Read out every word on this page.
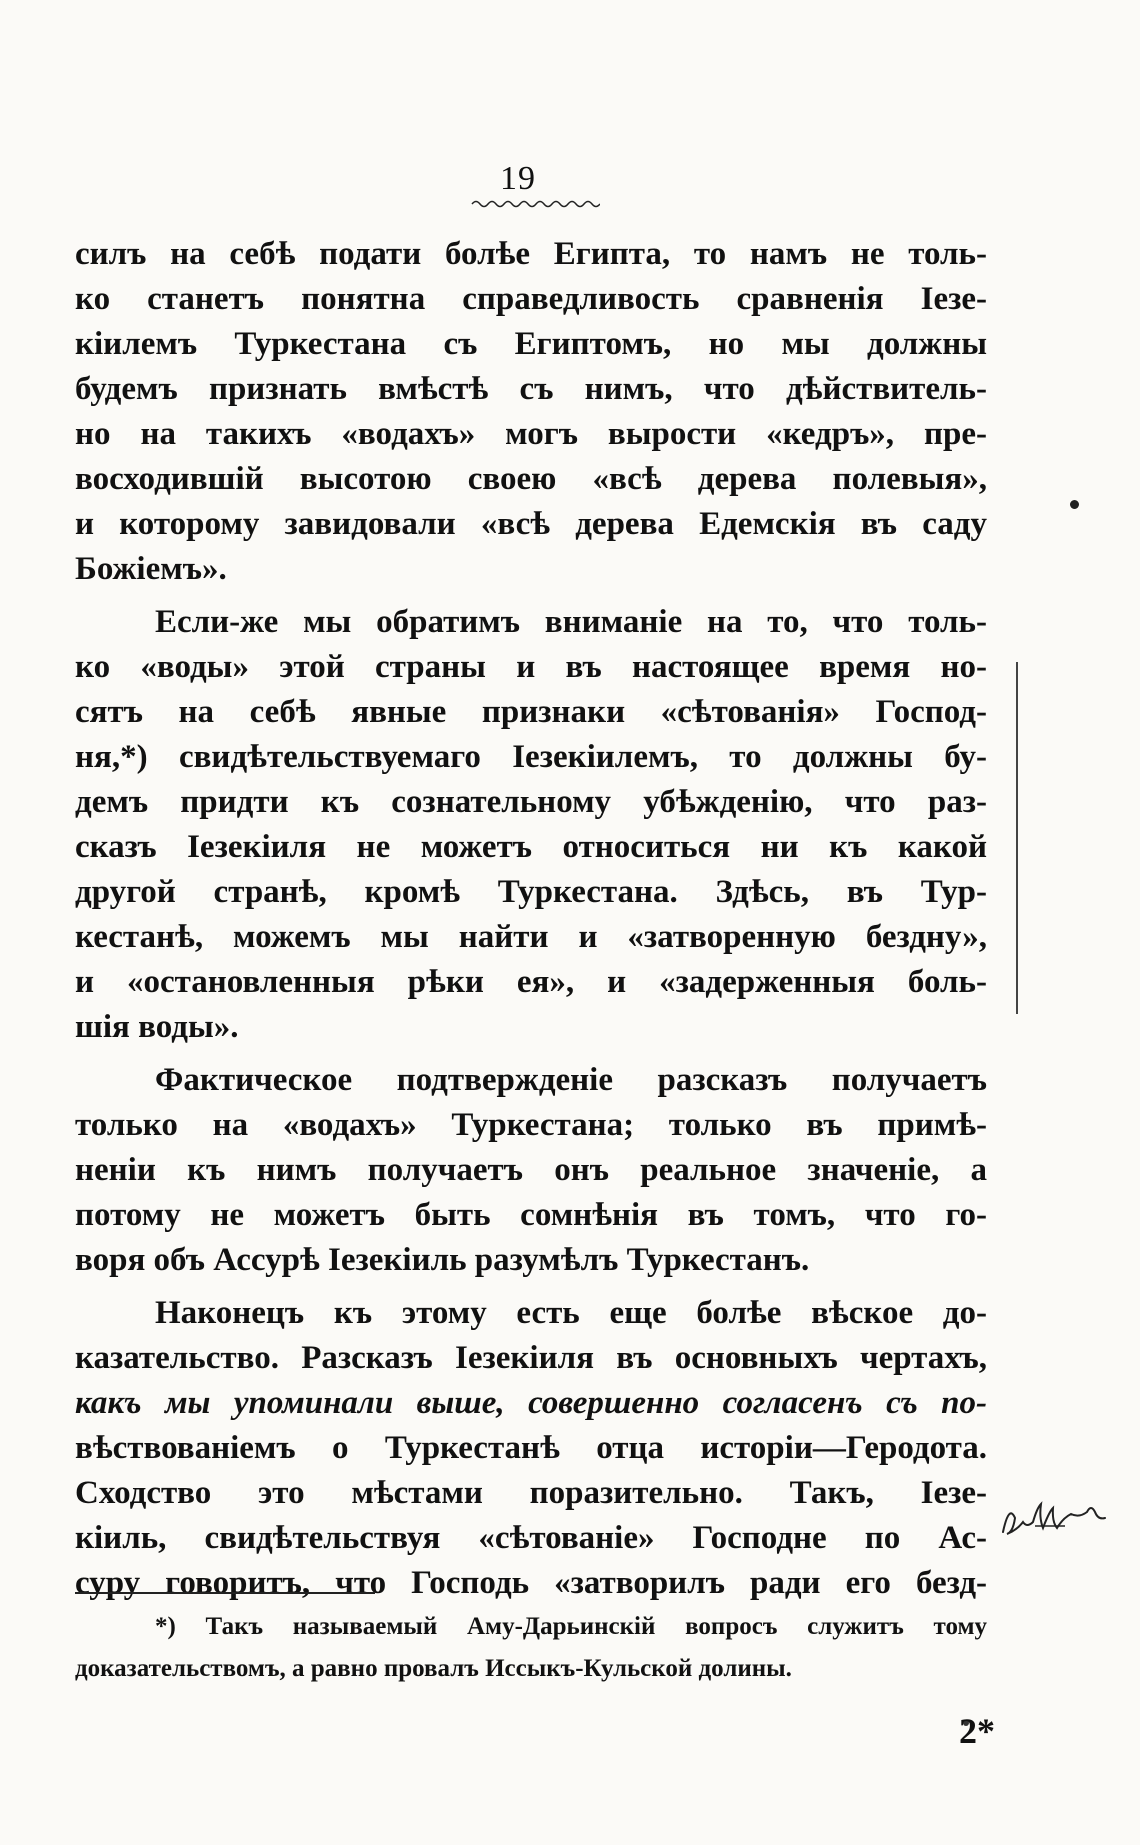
19
силъ на себѣ подати болѣе Египта, то намъ не толь-
ко станетъ понятна справедливость сравненія Іезе-
кіилемъ Туркестана съ Египтомъ, но мы должны
будемъ признать вмѣстѣ съ нимъ, что дѣйствитель-
но на такихъ «водахъ» могъ вырости «кедръ», пре-
восходившій высотою своею «всѣ дерева полевыя»,
и которому завидовали «всѣ дерева Едемскія въ саду
Божіемъ».
Если-же мы обратимъ вниманіе на то, что толь-
ко «воды» этой страны и въ настоящее время но-
сятъ на себѣ явные признаки «сѣтованія» Господ-
ня,*) свидѣтельствуемаго Іезекіилемъ, то должны бу-
демъ придти къ сознательному убѣжденію, что раз-
сказъ Іезекіиля не можетъ относиться ни къ какой
другой странѣ, кромѣ Туркестана. Здѣсь, въ Тур-
кестанѣ, можемъ мы найти и «затворенную бездну»,
и «остановленныя рѣки ея», и «задерженныя боль-
шія воды».
Фактическое подтвержденіе разсказъ получаетъ
только на «водахъ» Туркестана; только въ примѣ-
неніи къ нимъ получаетъ онъ реальное значеніе, а
потому не можетъ быть сомнѣнія въ томъ, что го-
воря объ Ассурѣ Іезекіиль разумѣлъ Туркестанъ.
Наконецъ къ этому есть еще болѣе вѣское до-
казательство. Разсказъ Іезекіиля въ основныхъ чертахъ,
какъ мы упоминали выше, совершенно согласенъ съ по-
вѣствованіемъ о Туркестанѣ отца исторіи—Геродота.
Сходство это мѣстами поразительно. Такъ, Іезе-
кіиль, свидѣтельствуя «сѣтованіе» Господне по Ас-
суру говоритъ, что Господь «затворилъ ради его безд-
*) Такъ называемый Аму-Дарьинскій вопросъ служитъ тому
доказательствомъ, а равно провалъ Иссыкъ-Кульской долины.
2*
